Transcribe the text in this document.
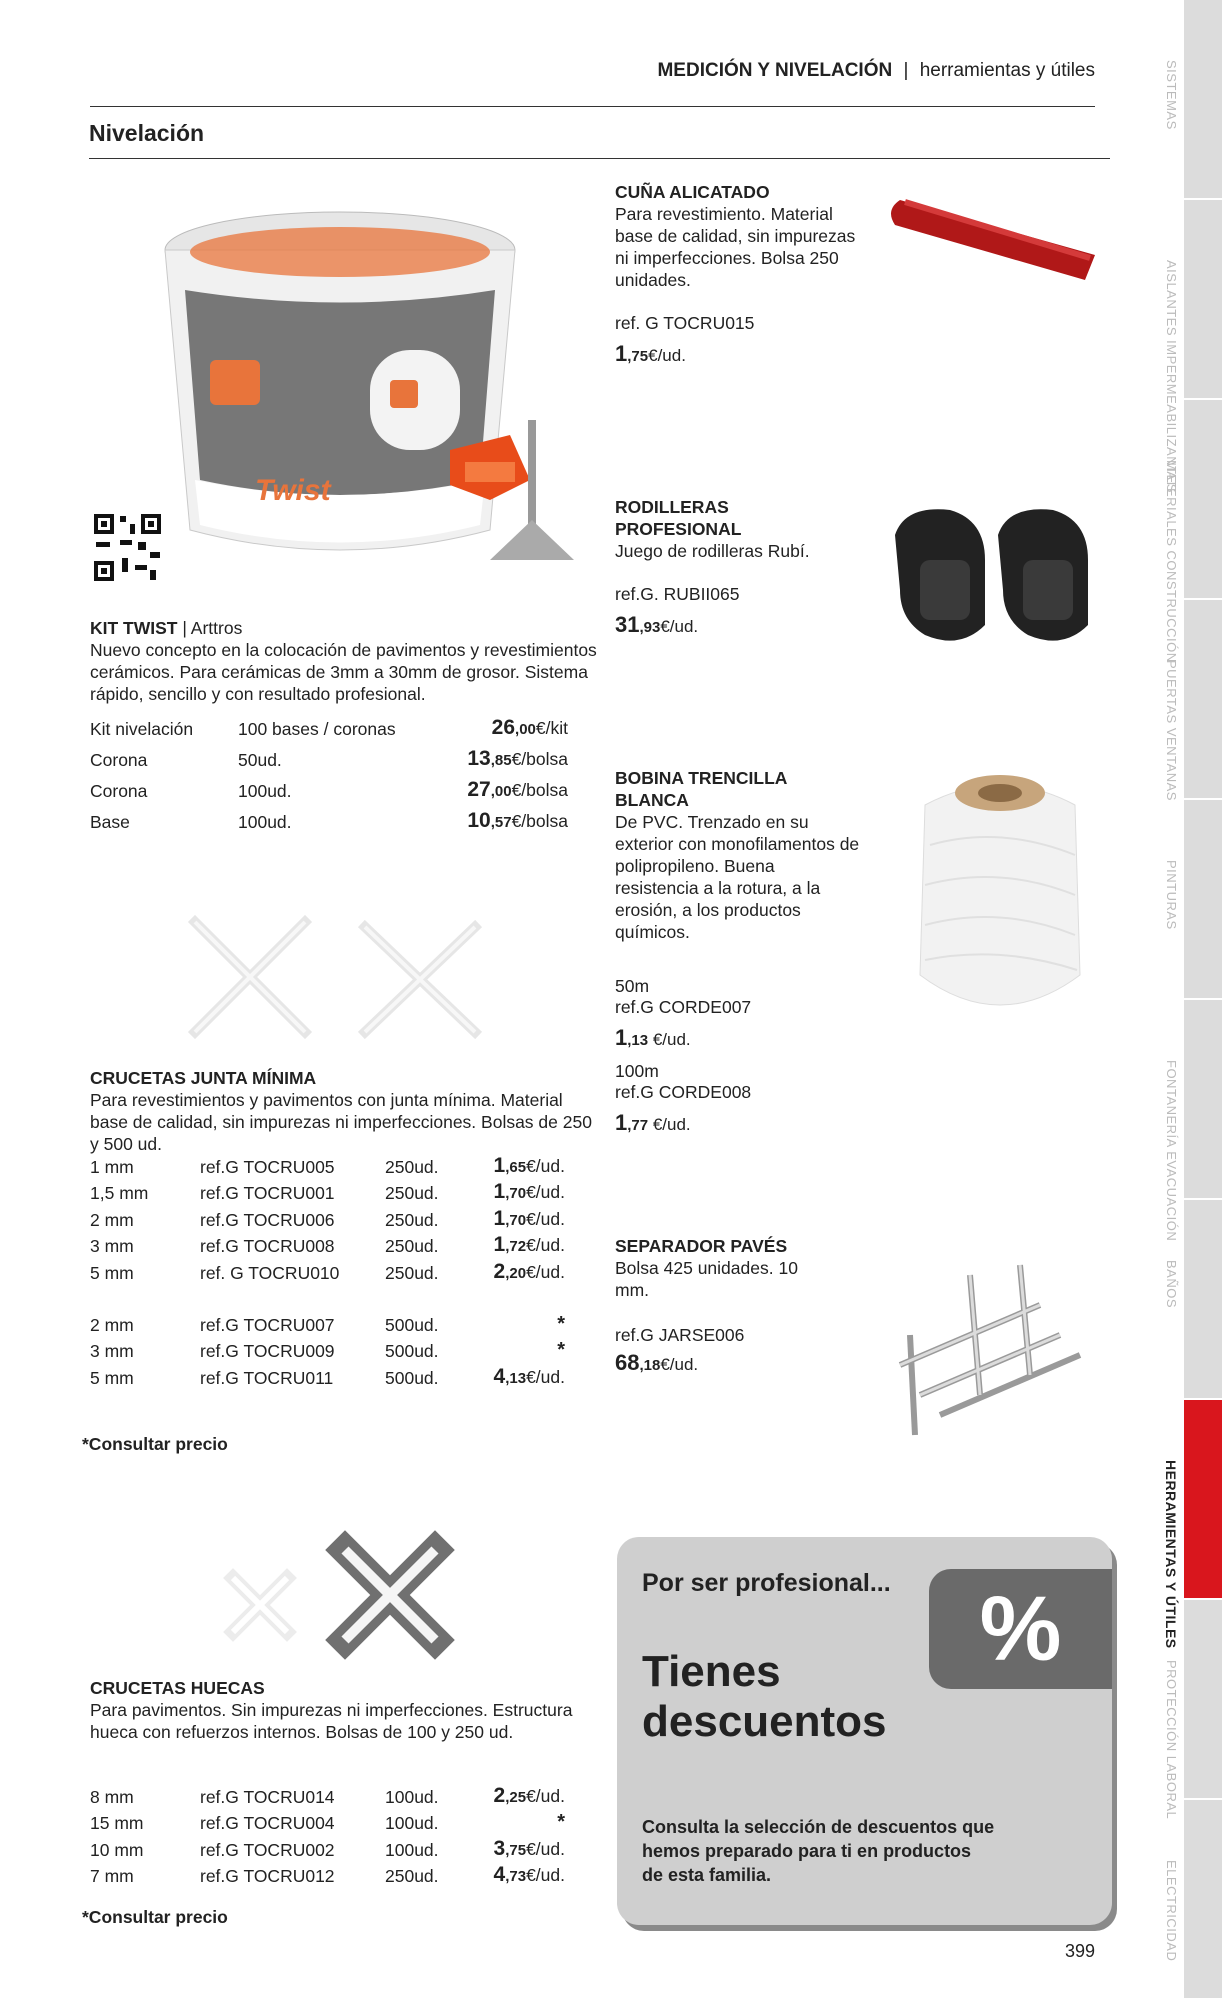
MEDICIÓN Y NIVELACIÓN | herramientas y útiles
Nivelación
Twist
KIT TWIST | Arttros
Nuevo concepto en la colocación de pavimentos y revestimientos cerámicos. Para cerámicas de 3mm a 30mm de grosor. Sistema rápido, sencillo y con resultado profesional.
Kit nivelación	100 bases / coronas	26,00€/kit
Corona	50ud.	13,85€/bolsa
Corona	100ud.	27,00€/bolsa
Base	100ud.	10,57€/bolsa
CRUCETAS JUNTA MÍNIMA
Para revestimientos y pavimentos con junta mínima. Material base de calidad, sin impurezas ni imperfecciones. Bolsas de 250 y 500 ud.
1 mm	ref.G TOCRU005	250ud.	1,65€/ud.
1,5 mm	ref.G TOCRU001	250ud.	1,70€/ud.
2 mm	ref.G TOCRU006	250ud.	1,70€/ud.
3 mm	ref.G TOCRU008	250ud.	1,72€/ud.
5 mm	ref. G TOCRU010	250ud.	2,20€/ud.
2 mm	ref.G TOCRU007	500ud.	*
3 mm	ref.G TOCRU009	500ud.	*
5 mm	ref.G TOCRU011	500ud.	4,13€/ud.
*Consultar precio
CRUCETAS HUECAS
Para pavimentos. Sin impurezas ni imperfecciones. Estructura hueca con refuerzos internos. Bolsas de 100 y 250 ud.
8 mm	ref.G TOCRU014	100ud.	2,25€/ud.
15 mm	ref.G TOCRU004	100ud.	*
10 mm	ref.G TOCRU002	100ud.	3,75€/ud.
7 mm	ref.G TOCRU012	250ud.	4,73€/ud.
*Consultar precio
CUÑA ALICATADO
Para revestimiento. Material base de calidad, sin impurezas ni imperfecciones. Bolsa 250 unidades.
ref. G TOCRU015
1,75€/ud.
RODILLERAS PROFESIONAL
Juego de rodilleras Rubí.
ref.G. RUBII065
31,93€/ud.
BOBINA TRENCILLA BLANCA
De PVC. Trenzado en su exterior con monofilamentos de polipropileno. Buena resistencia a la rotura, a la erosión, a los productos químicos.
50m
ref.G CORDE007
1,13 €/ud.
100m
ref.G CORDE008
1,77 €/ud.
SEPARADOR PAVÉS
Bolsa 425 unidades. 10 mm.
ref.G JARSE006
68,18€/ud.
Por ser profesional... %
Tienes descuentos
Consulta la selección de descuentos que hemos preparado para ti en productos de esta familia.
399
SISTEMAS
AISLANTES IMPERMEABILIZANTES
MATERIALES CONSTRUCCIÓN
PUERTAS VENTANAS
PINTURAS
FONTANERÍA EVACUACIÓN
BAÑOS
HERRAMIENTAS Y ÚTILES
PROTECCIÓN LABORAL
ELECTRICIDAD
